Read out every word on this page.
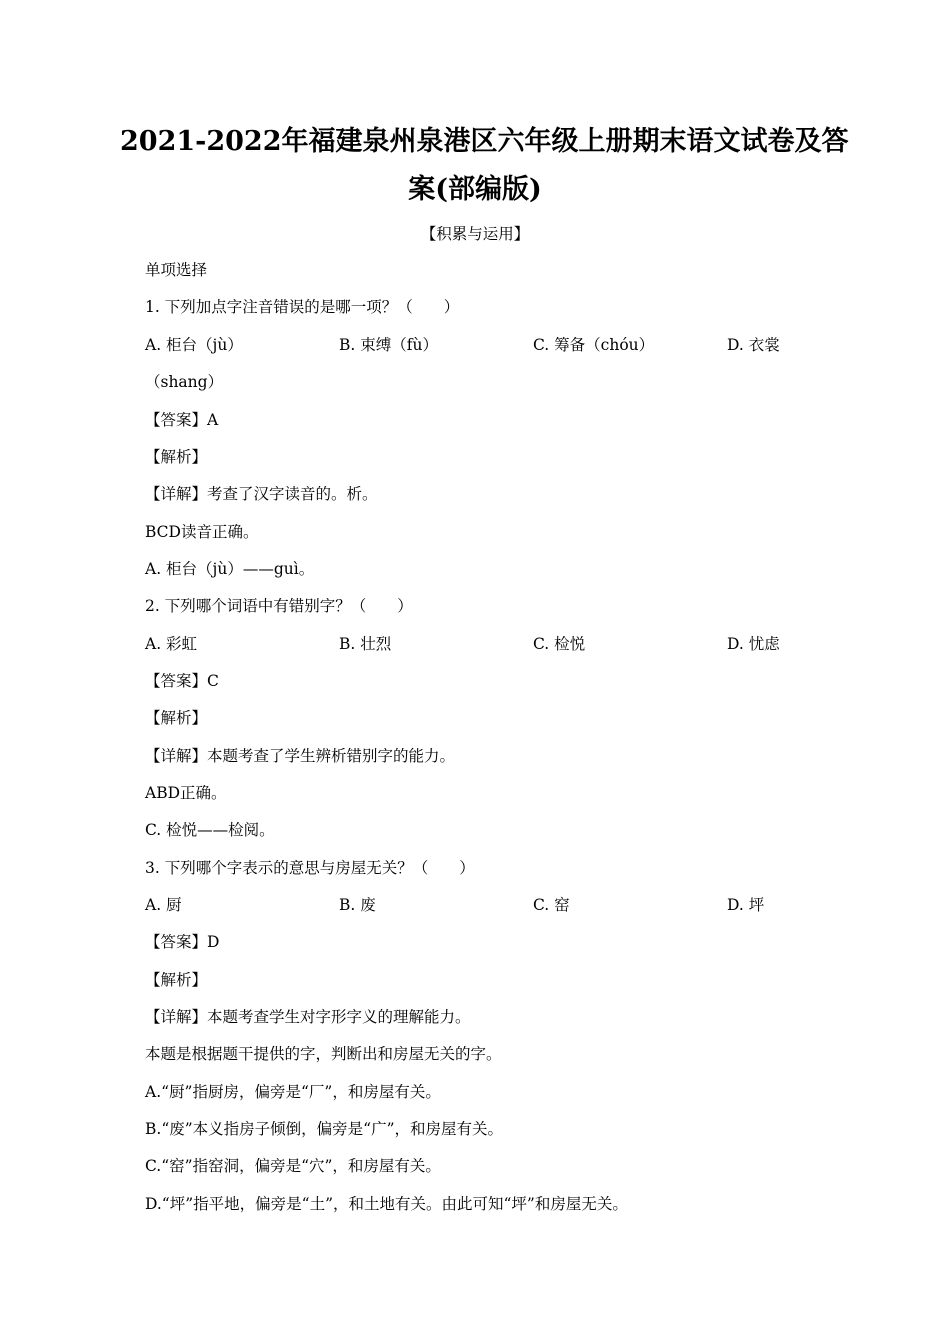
2021-2022年福建泉州泉港区六年级上册期末语文试卷及答
案(部编版)
【积累与运用】
单项选择
1. 下列加点字注音错误的是哪一项？（　　）
A. 柜台（jù）	B. 束缚（fù）	C. 筹备（chóu）	D. 衣裳
（shang）
【答案】A
【解析】
【详解】考查了汉字读音的。析。
BCD读音正确。
A. 柜台（jù）——guì。
2. 下列哪个词语中有错别字？（　　）
A. 彩虹	B. 壮烈	C. 检悦	D. 忧虑
【答案】C
【解析】
【详解】本题考查了学生辨析错别字的能力。
ABD正确。
C. 检悦——检阅。
3. 下列哪个字表示的意思与房屋无关？（　　）
A. 厨	B. 废	C. 窑	D. 坪
【答案】D
【解析】
【详解】本题考查学生对字形字义的理解能力。
本题是根据题干提供的字，判断出和房屋无关的字。
A.“厨”指厨房，偏旁是“厂”，和房屋有关。
B.“废”本义指房子倾倒，偏旁是“广”，和房屋有关。
C.“窑”指窑洞，偏旁是“穴”，和房屋有关。
D.“坪”指平地，偏旁是“土”，和土地有关。由此可知“坪”和房屋无关。
